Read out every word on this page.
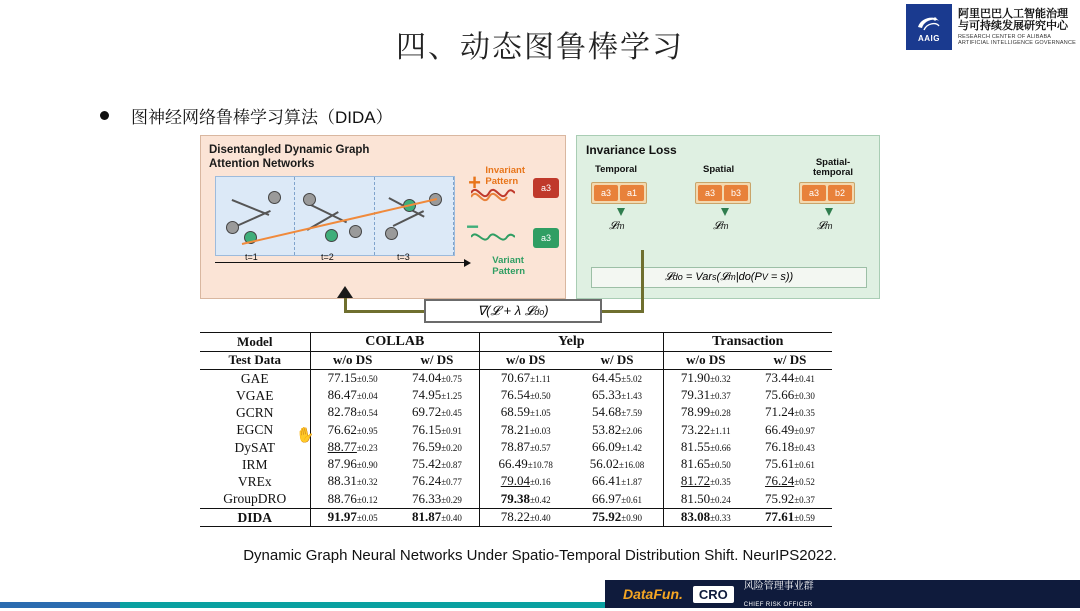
AAIG
阿里巴巴人工智能治理
与可持续发展研究中心
RESEARCH CENTER OF ALIBABA
ARTIFICIAL INTELLIGENCE GOVERNANCE
四、动态图鲁棒学习
图神经网络鲁棒学习算法（DIDA）
Disentangled Dynamic Graph
Attention Networks
t=1	t=2	t=3
+
−
a3
a3
Invariant
Pattern
Variant
Pattern
Invariance Loss
Temporal	Spatial
Spatial-
temporal
a3	a1	a3	b3	a3	b2
𝓛m	𝓛m	𝓛m
𝓛do = Vars(𝓛m|do(PV = s))
∇(𝓛 + λ 𝓛do)
Model	COLLAB		Yelp		Transaction	
Test Data	w/o DS	w/ DS	w/o DS	w/ DS	w/o DS	w/ DS
GAE	77.15±0.50	74.04±0.75	70.67±1.11	64.45±5.02	71.90±0.32	73.44±0.41
VGAE	86.47±0.04	74.95±1.25	76.54±0.50	65.33±1.43	79.31±0.37	75.66±0.30
GCRN	82.78±0.54	69.72±0.45	68.59±1.05	54.68±7.59	78.99±0.28	71.24±0.35
EGCN	76.62±0.95	76.15±0.91	78.21±0.03	53.82±2.06	73.22±1.11	66.49±0.97
DySAT	88.77±0.23	76.59±0.20	78.87±0.57	66.09±1.42	81.55±0.66	76.18±0.43
IRM	87.96±0.90	75.42±0.87	66.49±10.78	56.02±16.08	81.65±0.50	75.61±0.61
VREx	88.31±0.32	76.24±0.77	79.04±0.16	66.41±1.87	81.72±0.35	76.24±0.52
GroupDRO	88.76±0.12	76.33±0.29	79.38±0.42	66.97±0.61	81.50±0.24	75.92±0.37
DIDA	91.97±0.05	81.87±0.40	78.22±0.40	75.92±0.90	83.08±0.33	77.61±0.59
✋
Dynamic Graph Neural Networks Under Spatio-Temporal Distribution Shift. NeurIPS2022.
DataFun.	CRO	风险管理事业群
CHIEF RISK OFFICER
